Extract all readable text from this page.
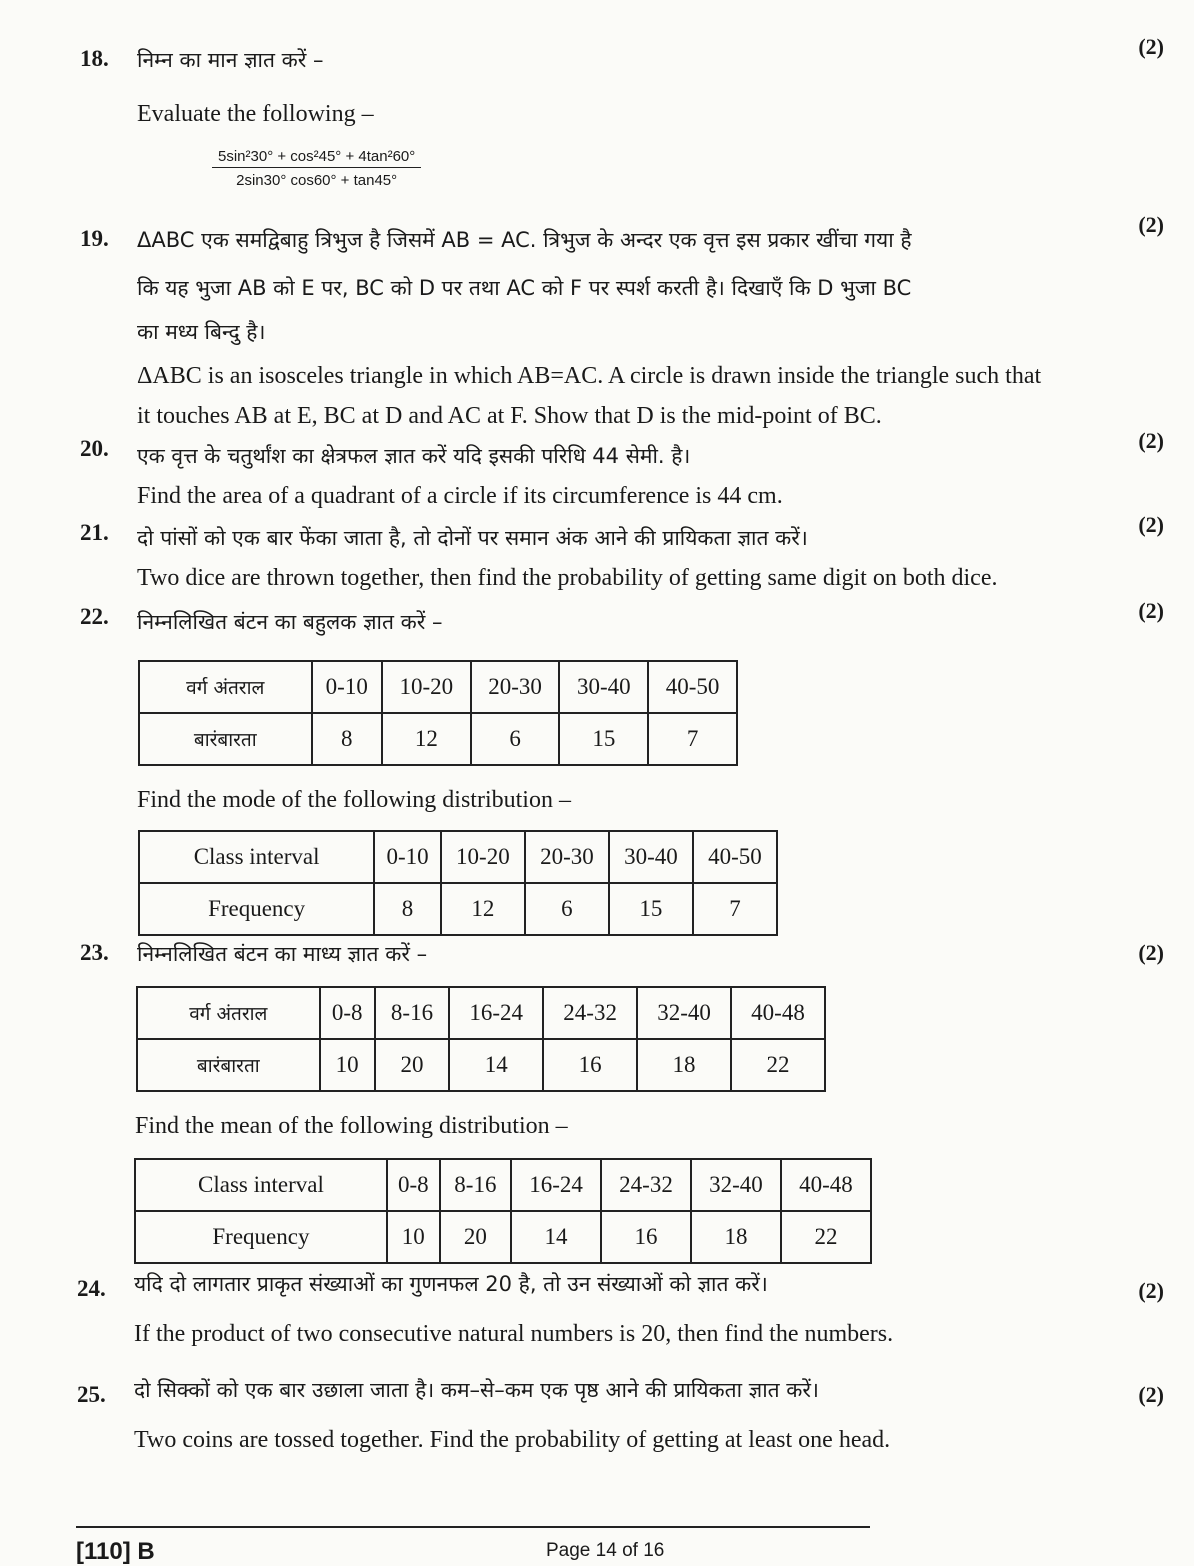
18.	(2)
निम्न का मान ज्ञात करें –
Evaluate the following –
$\frac{\text{5sin²30° + cos²45° + 4tan²60°}}{2\sin 30^\circ \cos 60^\circ + \tan 45^\circ}$
19.
(2)
ΔABC एक समद्विबाहु त्रिभुज है जिसमें AB = AC. त्रिभुज के अन्दर एक वृत्त इस प्रकार खींचा गया है
कि यह भुजा AB को E पर, BC को D पर तथा AC को F पर स्पर्श करती है। दिखाएँ कि D भुजा BC
का मध्य बिन्दु है।
ΔABC is an isosceles triangle in which AB=AC. A circle is drawn inside the triangle such that
it touches AB at E, BC at D and AC at F. Show that D is the mid-point of BC.
20.	(2)
एक वृत्त के चतुर्थांश का क्षेत्रफल ज्ञात करें यदि इसकी परिधि 44 सेमी. है।
Find the area of a quadrant of a circle if its circumference is 44 cm.
21.	(2)
दो पांसों को एक बार फेंका जाता है, तो दोनों पर समान अंक आने की प्रायिकता ज्ञात करें।
Two dice are thrown together, then find the probability of getting same digit on both dice.
22.	(2)
निम्नलिखित बंटन का बहुलक ज्ञात करें –
वर्ग अंतराल	0-10	10-20	20-30	30-40	40-50
बारंबारता	8	12	6	15	7
Find the mode of the following distribution –
Class interval	0-10	10-20	20-30	30-40	40-50
Frequency	8	12	6	15	7
23.	(2)
निम्नलिखित बंटन का माध्य ज्ञात करें –
वर्ग अंतराल	0-8	8-16	16-24	24-32	32-40	40-48
बारंबारता	10	20	14	16	18	22
Find the mean of the following distribution –
Class interval	0-8	8-16	16-24	24-32	32-40	40-48
Frequency	10	20	14	16	18	22
24.	(2)
यदि दो लागतार प्राकृत संख्याओं का गुणनफल 20 है, तो उन संख्याओं को ज्ञात करें।
If the product of two consecutive natural numbers is 20, then find the numbers.
25.	(2)
दो सिक्कों को एक बार उछाला जाता है। कम–से–कम एक पृष्ठ आने की प्रायिकता ज्ञात करें।
Two coins are tossed together. Find the probability of getting at least one head.
[110] B	Page 14 of 16
